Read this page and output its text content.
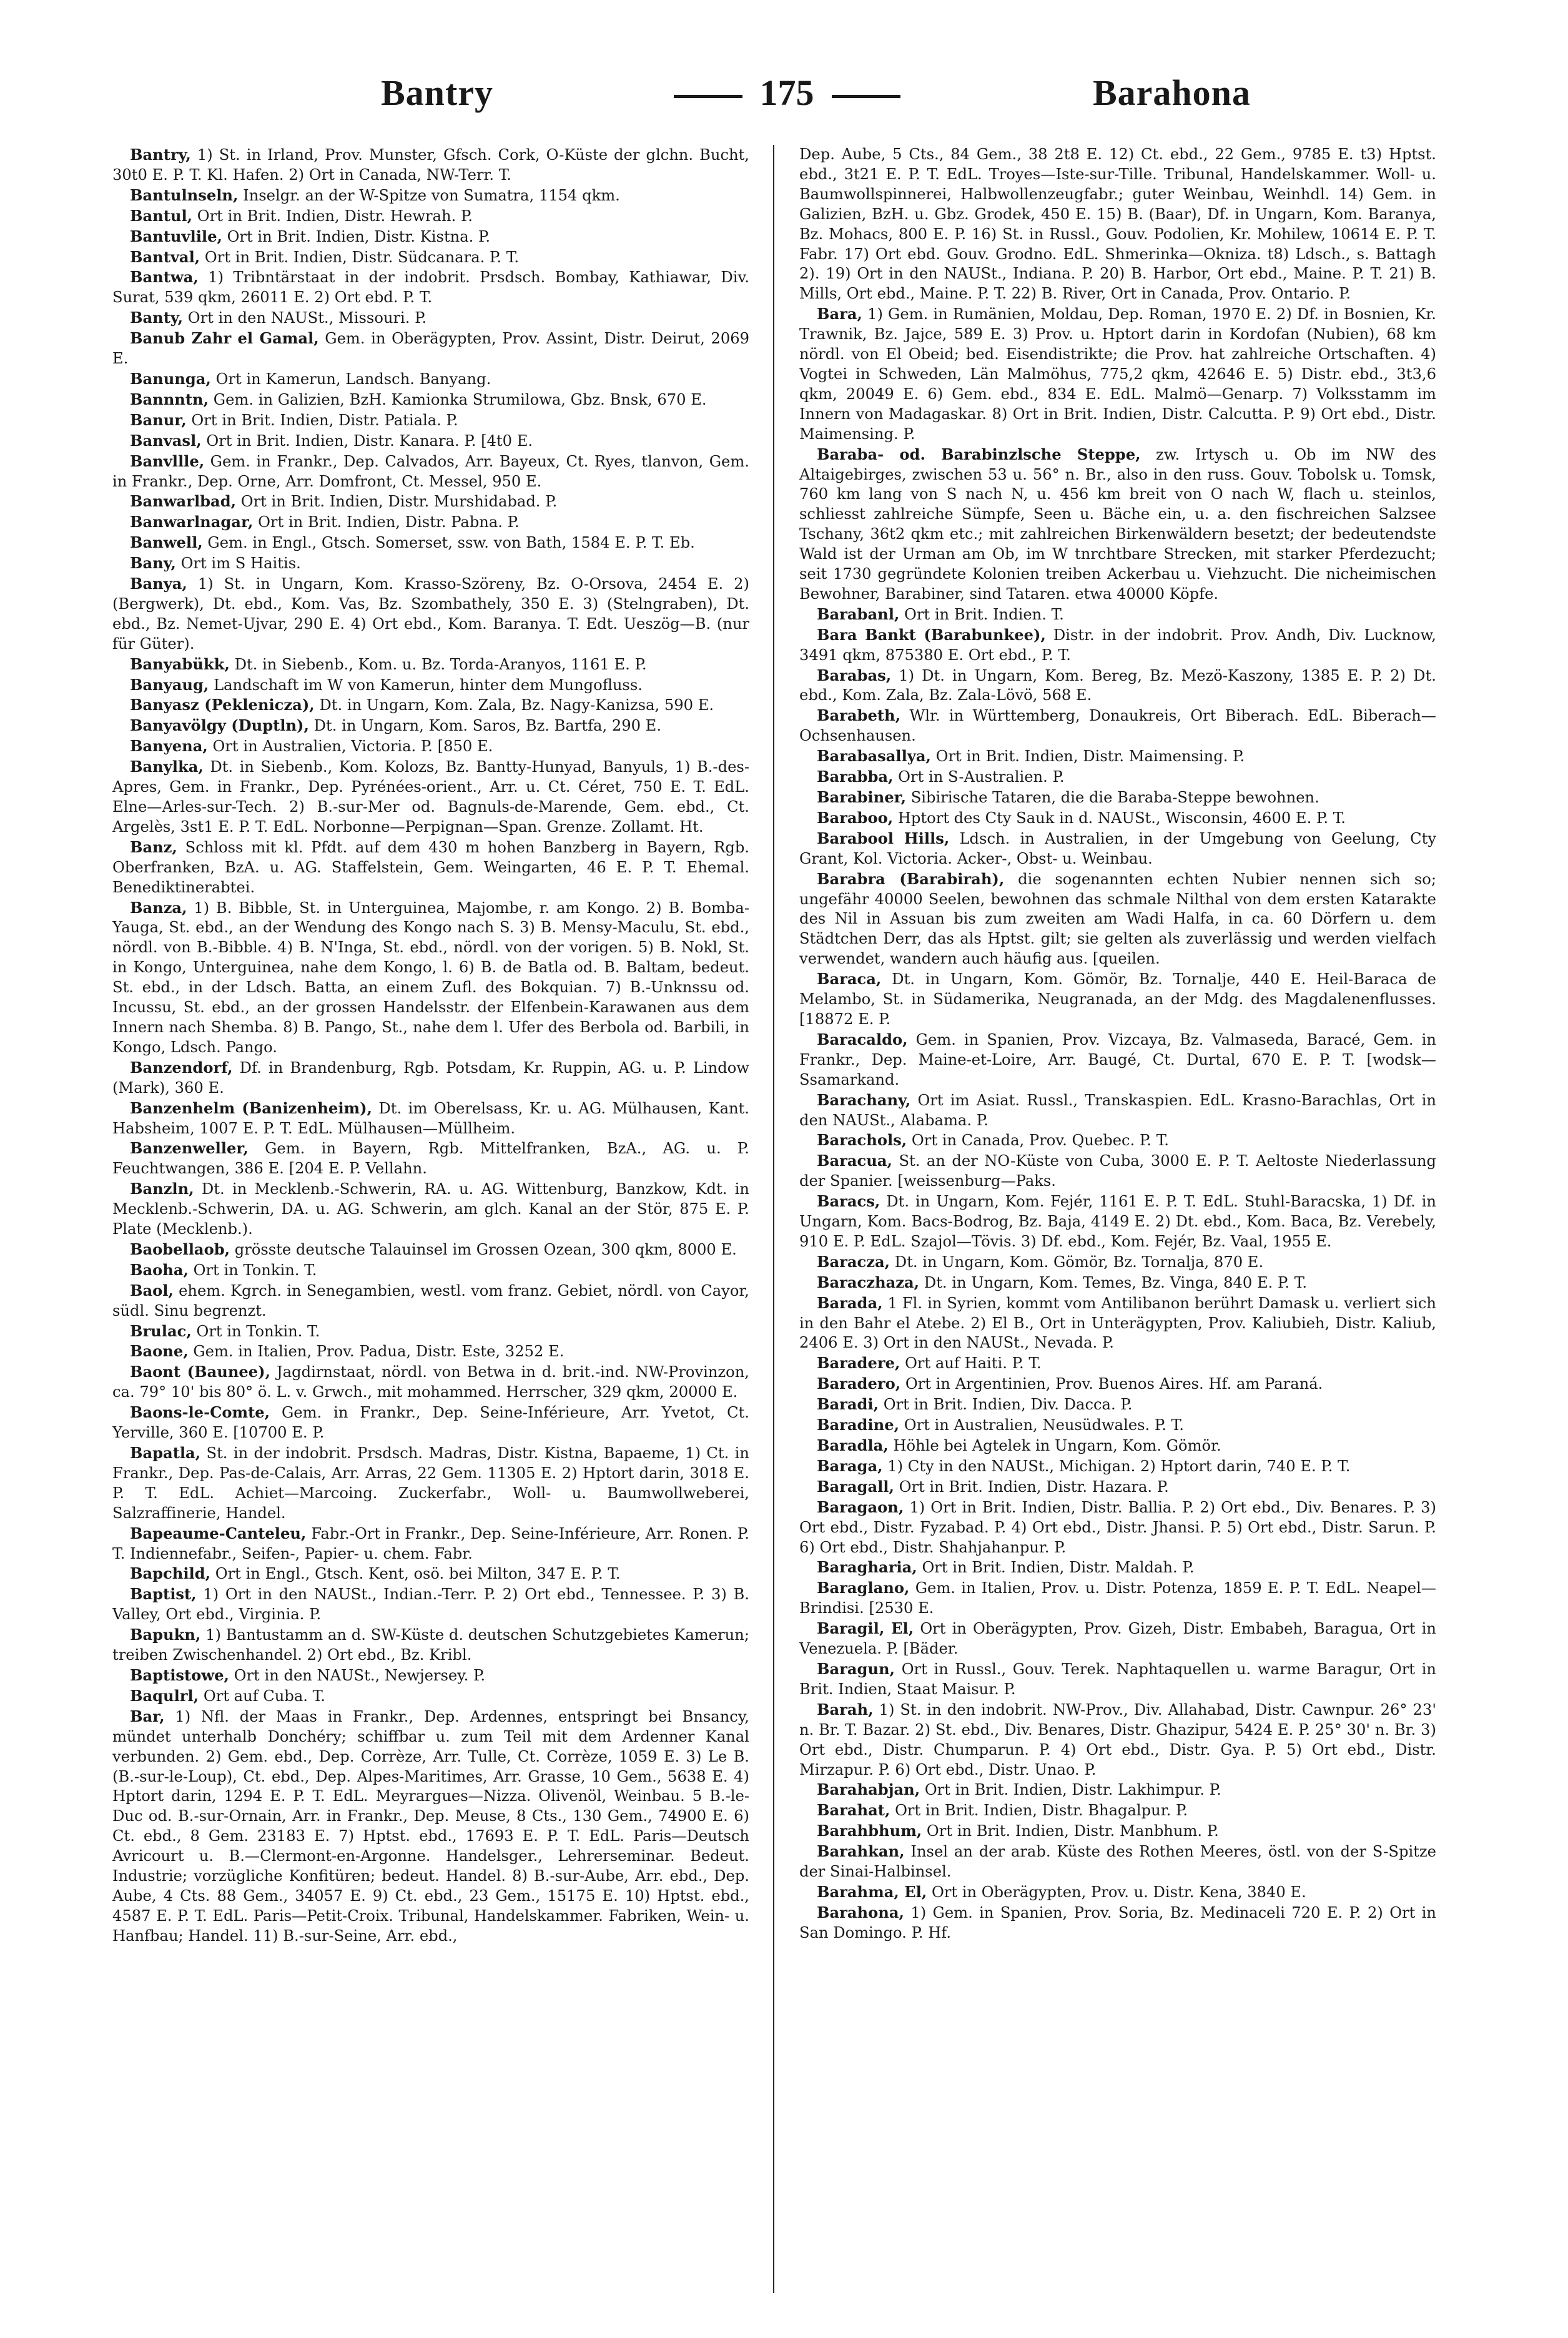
Bantry	175	Barahona

Bantry, 1) St. in Irland, Prov. Munster, Gfsch. Cork, O-Küste der glchn. Bucht, 30t0 E. P. T. Kl. Hafen. 2) Ort in Canada, NW-Terr. T.

Bantulnseln, Inselgr. an der W-Spitze von Sumatra, 1154 qkm.

Bantul, Ort in Brit. Indien, Distr. Hewrah. P.

Bantuvlile, Ort in Brit. Indien, Distr. Kistna. P.

Bantval, Ort in Brit. Indien, Distr. Südcanara. P. T.

Bantwa, 1) Tribntärstaat in der indobrit. Prsdsch. Bombay, Kathiawar, Div. Surat, 539 qkm, 26011 E. 2) Ort ebd. P. T.

Banty, Ort in den NAUSt., Missouri. P.

Banub Zahr el Gamal, Gem. in Oberägypten, Prov. Assint, Distr. Deirut, 2069 E.

Banunga, Ort in Kamerun, Landsch. Banyang.

Bannntn, Gem. in Galizien, BzH. Kamionka Strumilowa, Gbz. Bnsk, 670 E.

Banur, Ort in Brit. Indien, Distr. Patiala. P.

Banvasl, Ort in Brit. Indien, Distr. Kanara. P. [4t0 E.

Banvllle, Gem. in Frankr., Dep. Calvados, Arr. Bayeux, Ct. Ryes, tlanvon, Gem. in Frankr., Dep. Orne, Arr. Domfront, Ct. Messel, 950 E.

Banwarlbad, Ort in Brit. Indien, Distr. Murshidabad. P.

Banwarlnagar, Ort in Brit. Indien, Distr. Pabna. P.

Banwell, Gem. in Engl., Gtsch. Somerset, ssw. von Bath, 1584 E. P. T. Eb.

Bany, Ort im S Haitis.

Banya, 1) St. in Ungarn, Kom. Krasso-Szöreny, Bz. O-Orsova, 2454 E. 2) (Bergwerk), Dt. ebd., Kom. Vas, Bz. Szombathely, 350 E. 3) (Stelngraben), Dt. ebd., Bz. Nemet-Ujvar, 290 E. 4) Ort ebd., Kom. Baranya. T. Edt. Ueszög—B. (nur für Güter).

Banyabükk, Dt. in Siebenb., Kom. u. Bz. Torda-Aranyos, 1161 E. P.

Banyaug, Landschaft im W von Kamerun, hinter dem Mungofluss.

Banyasz (Peklenicza), Dt. in Ungarn, Kom. Zala, Bz. Nagy-Kanizsa, 590 E.

Banyavölgy (Duptln), Dt. in Ungarn, Kom. Saros, Bz. Bartfa, 290 E.

Banyena, Ort in Australien, Victoria. P. [850 E.

Banylka, Dt. in Siebenb., Kom. Kolozs, Bz. Bantty-Hunyad, Banyuls, 1) B.-des-Apres, Gem. in Frankr., Dep. Pyrénées-orient., Arr. u. Ct. Céret, 750 E. T. EdL. Elne—Arles-sur-Tech. 2) B.-sur-Mer od. Bagnuls-de-Marende, Gem. ebd., Ct. Argelès, 3st1 E. P. T. EdL. Norbonne—Perpignan—Span. Grenze. Zollamt. Ht.

Banz, Schloss mit kl. Pfdt. auf dem 430 m hohen Banzberg in Bayern, Rgb. Oberfranken, BzA. u. AG. Staffelstein, Gem. Weingarten, 46 E. P. T. Ehemal. Benediktinerabtei.

Banza, 1) B. Bibble, St. in Unterguinea, Majombe, r. am Kongo. 2) B. Bomba-Yauga, St. ebd., an der Wendung des Kongo nach S. 3) B. Mensy-Maculu, St. ebd., nördl. von B.-Bibble. 4) B. N'Inga, St. ebd., nördl. von der vorigen. 5) B. Nokl, St. in Kongo, Unterguinea, nahe dem Kongo, l. 6) B. de Batla od. B. Baltam, bedeut. St. ebd., in der Ldsch. Batta, an einem Zufl. des Bokquian. 7) B.-Unknssu od. Incussu, St. ebd., an der grossen Handelsstr. der Elfenbein-Karawanen aus dem Innern nach Shemba. 8) B. Pango, St., nahe dem l. Ufer des Berbola od. Barbili, in Kongo, Ldsch. Pango.

Banzendorf, Df. in Brandenburg, Rgb. Potsdam, Kr. Ruppin, AG. u. P. Lindow (Mark), 360 E.

Banzenhelm (Banizenheim), Dt. im Oberelsass, Kr. u. AG. Mülhausen, Kant. Habsheim, 1007 E. P. T. EdL. Mülhausen—Müllheim.

Banzenweller, Gem. in Bayern, Rgb. Mittelfranken, BzA., AG. u. P. Feuchtwangen, 386 E. [204 E. P. Vellahn.

Banzln, Dt. in Mecklenb.-Schwerin, RA. u. AG. Wittenburg, Banzkow, Kdt. in Mecklenb.-Schwerin, DA. u. AG. Schwerin, am glch. Kanal an der Stör, 875 E. P. Plate (Mecklenb.).

Baobellaob, grösste deutsche Talauinsel im Grossen Ozean, 300 qkm, 8000 E.

Baoha, Ort in Tonkin. T.

Baol, ehem. Kgrch. in Senegambien, westl. vom franz. Gebiet, nördl. von Cayor, südl. Sinu begrenzt.

Brulac, Ort in Tonkin. T.

Baone, Gem. in Italien, Prov. Padua, Distr. Este, 3252 E.

Baont (Baunee), Jagdirnstaat, nördl. von Betwa in d. brit.-ind. NW-Provinzon, ca. 79° 10' bis 80° ö. L. v. Grwch., mit mohammed. Herrscher, 329 qkm, 20000 E.

Baons-le-Comte, Gem. in Frankr., Dep. Seine-Inférieure, Arr. Yvetot, Ct. Yerville, 360 E. [10700 E. P.

Bapatla, St. in der indobrit. Prsdsch. Madras, Distr. Kistna, Bapaeme, 1) Ct. in Frankr., Dep. Pas-de-Calais, Arr. Arras, 22 Gem. 11305 E. 2) Hptort darin, 3018 E. P. T. EdL. Achiet—Marcoing. Zuckerfabr., Woll- u. Baumwollweberei, Salzraffinerie, Handel.

Bapeaume-Canteleu, Fabr.-Ort in Frankr., Dep. Seine-Inférieure, Arr. Ronen. P. T. Indiennefabr., Seifen-, Papier- u. chem. Fabr.

Bapchild, Ort in Engl., Gtsch. Kent, osö. bei Milton, 347 E. P. T.

Baptist, 1) Ort in den NAUSt., Indian.-Terr. P. 2) Ort ebd., Tennessee. P. 3) B. Valley, Ort ebd., Virginia. P.

Bapukn, 1) Bantustamm an d. SW-Küste d. deutschen Schutzgebietes Kamerun; treiben Zwischenhandel. 2) Ort ebd., Bz. Kribl.

Baptistowe, Ort in den NAUSt., Newjersey. P.

Baqulrl, Ort auf Cuba. T.

Bar, 1) Nfl. der Maas in Frankr., Dep. Ardennes, entspringt bei Bnsancy, mündet unterhalb Donchéry; schiffbar u. zum Teil mit dem Ardenner Kanal verbunden. 2) Gem. ebd., Dep. Corrèze, Arr. Tulle, Ct. Corrèze, 1059 E. 3) Le B. (B.-sur-le-Loup), Ct. ebd., Dep. Alpes-Maritimes, Arr. Grasse, 10 Gem., 5638 E. 4) Hptort darin, 1294 E. P. T. EdL. Meyrargues—Nizza. Olivenöl, Weinbau. 5 B.-le-Duc od. B.-sur-Ornain, Arr. in Frankr., Dep. Meuse, 8 Cts., 130 Gem., 74900 E. 6) Ct. ebd., 8 Gem. 23183 E. 7) Hptst. ebd., 17693 E. P. T. EdL. Paris—Deutsch Avricourt u. B.—Clermont-en-Argonne. Handelsger., Lehrerseminar. Bedeut. Industrie; vorzügliche Konfitüren; bedeut. Handel. 8) B.-sur-Aube, Arr. ebd., Dep. Aube, 4 Cts. 88 Gem., 34057 E. 9) Ct. ebd., 23 Gem., 15175 E. 10) Hptst. ebd., 4587 E. P. T. EdL. Paris—Petit-Croix. Tribunal, Handelskammer. Fabriken, Wein- u. Hanfbau; Handel. 11) B.-sur-Seine, Arr. ebd.,

Dep. Aube, 5 Cts., 84 Gem., 38 2t8 E. 12) Ct. ebd., 22 Gem., 9785 E. t3) Hptst. ebd., 3t21 E. P. T. EdL. Troyes—Iste-sur-Tille. Tribunal, Handelskammer. Woll- u. Baumwollspinnerei, Halbwollenzeugfabr.; guter Weinbau, Weinhdl. 14) Gem. in Galizien, BzH. u. Gbz. Grodek, 450 E. 15) B. (Baar), Df. in Ungarn, Kom. Baranya, Bz. Mohacs, 800 E. P. 16) St. in Russl., Gouv. Podolien, Kr. Mohilew, 10614 E. P. T. Fabr. 17) Ort ebd. Gouv. Grodno. EdL. Shmerinka—Okniza. t8) Ldsch., s. Battagh 2). 19) Ort in den NAUSt., Indiana. P. 20) B. Harbor, Ort ebd., Maine. P. T. 21) B. Mills, Ort ebd., Maine. P. T. 22) B. River, Ort in Canada, Prov. Ontario. P.

Bara, 1) Gem. in Rumänien, Moldau, Dep. Roman, 1970 E. 2) Df. in Bosnien, Kr. Trawnik, Bz. Jajce, 589 E. 3) Prov. u. Hptort darin in Kordofan (Nubien), 68 km nördl. von El Obeid; bed. Eisendistrikte; die Prov. hat zahlreiche Ortschaften. 4) Vogtei in Schweden, Län Malmöhus, 775,2 qkm, 42646 E. 5) Distr. ebd., 3t3,6 qkm, 20049 E. 6) Gem. ebd., 834 E. EdL. Malmö—Genarp. 7) Volksstamm im Innern von Madagaskar. 8) Ort in Brit. Indien, Distr. Calcutta. P. 9) Ort ebd., Distr. Maimensing. P.

Baraba- od. Barabinzlsche Steppe, zw. Irtysch u. Ob im NW des Altaigebirges, zwischen 53 u. 56° n. Br., also in den russ. Gouv. Tobolsk u. Tomsk, 760 km lang von S nach N, u. 456 km breit von O nach W, flach u. steinlos, schliesst zahlreiche Sümpfe, Seen u. Bäche ein, u. a. den fischreichen Salzsee Tschany, 36t2 qkm etc.; mit zahlreichen Birkenwäldern besetzt; der bedeutendste Wald ist der Urman am Ob, im W tnrchtbare Strecken, mit starker Pferdezucht; seit 1730 gegründete Kolonien treiben Ackerbau u. Viehzucht. Die nicheimischen Bewohner, Barabiner, sind Tataren. etwa 40000 Köpfe.

Barabanl, Ort in Brit. Indien. T.

Bara Bankt (Barabunkee), Distr. in der indobrit. Prov. Andh, Div. Lucknow, 3491 qkm, 875380 E. Ort ebd., P. T.

Barabas, 1) Dt. in Ungarn, Kom. Bereg, Bz. Mezö-Kaszony, 1385 E. P. 2) Dt. ebd., Kom. Zala, Bz. Zala-Lövö, 568 E.

Barabeth, Wlr. in Württemberg, Donaukreis, Ort Biberach. EdL. Biberach—Ochsenhausen.

Barabasallya, Ort in Brit. Indien, Distr. Maimensing. P.

Barabba, Ort in S-Australien. P.

Barabiner, Sibirische Tataren, die die Baraba-Steppe bewohnen.

Baraboo, Hptort des Cty Sauk in d. NAUSt., Wisconsin, 4600 E. P. T.

Barabool Hills, Ldsch. in Australien, in der Umgebung von Geelung, Cty Grant, Kol. Victoria. Acker-, Obst- u. Weinbau.

Barabra (Barabirah), die sogenannten echten Nubier nennen sich so; ungefähr 40000 Seelen, bewohnen das schmale Nilthal von dem ersten Katarakte des Nil in Assuan bis zum zweiten am Wadi Halfa, in ca. 60 Dörfern u. dem Städtchen Derr, das als Hptst. gilt; sie gelten als zuverlässig und werden vielfach verwendet, wandern auch häufig aus. [queilen.

Baraca, Dt. in Ungarn, Kom. Gömör, Bz. Tornalje, 440 E. Heil-Baraca de Melambo, St. in Südamerika, Neugranada, an der Mdg. des Magdalenenflusses. [18872 E. P.

Baracaldo, Gem. in Spanien, Prov. Vizcaya, Bz. Valmaseda, Baracé, Gem. in Frankr., Dep. Maine-et-Loire, Arr. Baugé, Ct. Durtal, 670 E. P. T. [wodsk—Ssamarkand.

Barachany, Ort im Asiat. Russl., Transkaspien. EdL. Krasno-Barachlas, Ort in den NAUSt., Alabama. P.

Barachols, Ort in Canada, Prov. Quebec. P. T.

Baracua, St. an der NO-Küste von Cuba, 3000 E. P. T. Aeltoste Niederlassung der Spanier. [weissenburg—Paks.

Baracs, Dt. in Ungarn, Kom. Fejér, 1161 E. P. T. EdL. Stuhl-Baracska, 1) Df. in Ungarn, Kom. Bacs-Bodrog, Bz. Baja, 4149 E. 2) Dt. ebd., Kom. Baca, Bz. Verebely, 910 E. P. EdL. Szajol—Tövis. 3) Df. ebd., Kom. Fejér, Bz. Vaal, 1955 E.

Baracza, Dt. in Ungarn, Kom. Gömör, Bz. Tornalja, 870 E.

Baraczhaza, Dt. in Ungarn, Kom. Temes, Bz. Vinga, 840 E. P. T.

Barada, 1 Fl. in Syrien, kommt vom Antilibanon berührt Damask u. verliert sich in den Bahr el Atebe. 2) El B., Ort in Unterägypten, Prov. Kaliubieh, Distr. Kaliub, 2406 E. 3) Ort in den NAUSt., Nevada. P.

Baradere, Ort auf Haiti. P. T.

Baradero, Ort in Argentinien, Prov. Buenos Aires. Hf. am Paraná.

Baradi, Ort in Brit. Indien, Div. Dacca. P.

Baradine, Ort in Australien, Neusüdwales. P. T.

Baradla, Höhle bei Agtelek in Ungarn, Kom. Gömör.

Baraga, 1) Cty in den NAUSt., Michigan. 2) Hptort darin, 740 E. P. T.

Baragall, Ort in Brit. Indien, Distr. Hazara. P.

Baragaon, 1) Ort in Brit. Indien, Distr. Ballia. P. 2) Ort ebd., Div. Benares. P. 3) Ort ebd., Distr. Fyzabad. P. 4) Ort ebd., Distr. Jhansi. P. 5) Ort ebd., Distr. Sarun. P. 6) Ort ebd., Distr. Shahjahanpur. P.

Baragharia, Ort in Brit. Indien, Distr. Maldah. P.

Baraglano, Gem. in Italien, Prov. u. Distr. Potenza, 1859 E. P. T. EdL. Neapel—Brindisi. [2530 E.

Baragil, El, Ort in Oberägypten, Prov. Gizeh, Distr. Embabeh, Baragua, Ort in Venezuela. P. [Bäder.

Baragun, Ort in Russl., Gouv. Terek. Naphtaquellen u. warme Baragur, Ort in Brit. Indien, Staat Maisur. P.

Barah, 1) St. in den indobrit. NW-Prov., Div. Allahabad, Distr. Cawnpur. 26° 23' n. Br. T. Bazar. 2) St. ebd., Div. Benares, Distr. Ghazipur, 5424 E. P. 25° 30' n. Br. 3) Ort ebd., Distr. Chumparun. P. 4) Ort ebd., Distr. Gya. P. 5) Ort ebd., Distr. Mirzapur. P. 6) Ort ebd., Distr. Unao. P.

Barahabjan, Ort in Brit. Indien, Distr. Lakhimpur. P.

Barahat, Ort in Brit. Indien, Distr. Bhagalpur. P.

Barahbhum, Ort in Brit. Indien, Distr. Manbhum. P.

Barahkan, Insel an der arab. Küste des Rothen Meeres, östl. von der S-Spitze der Sinai-Halbinsel.

Barahma, El, Ort in Oberägypten, Prov. u. Distr. Kena, 3840 E.

Barahona, 1) Gem. in Spanien, Prov. Soria, Bz. Medinaceli 720 E. P. 2) Ort in San Domingo. P. Hf.
